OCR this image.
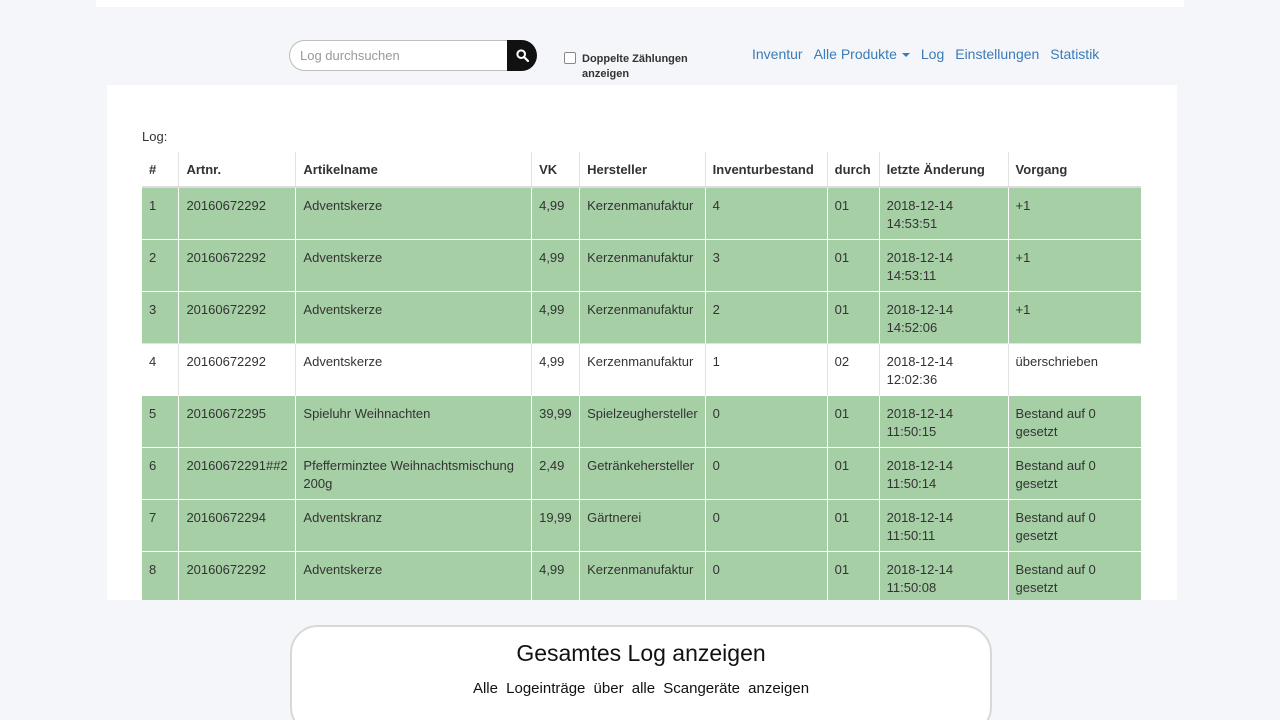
Log durchsuchen
Doppelte Zählungen anzeigen
Inventur Alle Produkte	Log Einstellungen Statistik
Log:
#	Artnr.	Artikelname	VK	Hersteller	Inventurbestand	durch	letzte Änderung	Vorgang
1	20160672292	Adventskerze	4,99	Kerzenmanufaktur	4	01	2018-12-14 14:53:51	+1
2	20160672292	Adventskerze	4,99	Kerzenmanufaktur	3	01	2018-12-14 14:53:11	+1
3	20160672292	Adventskerze	4,99	Kerzenmanufaktur	2	01	2018-12-14 14:52:06	+1
4	20160672292	Adventskerze	4,99	Kerzenmanufaktur	1	02	2018-12-14 12:02:36	überschrieben
5	20160672295	Spieluhr Weihnachten	39,99	Spielzeughersteller	0	01	2018-12-14 11:50:15	Bestand auf 0 gesetzt
6	20160672291##2	Pfefferminztee Weihnachtsmischung 200g	2,49	Getränkehersteller	0	01	2018-12-14 11:50:14	Bestand auf 0 gesetzt
7	20160672294	Adventskranz	19,99	Gärtnerei	0	01	2018-12-14 11:50:11	Bestand auf 0 gesetzt
8	20160672292	Adventskerze	4,99	Kerzenmanufaktur	0	01	2018-12-14 11:50:08	Bestand auf 0 gesetzt
Gesamtes Log anzeigen
Alle Logeinträge über alle Scangeräte anzeigen
